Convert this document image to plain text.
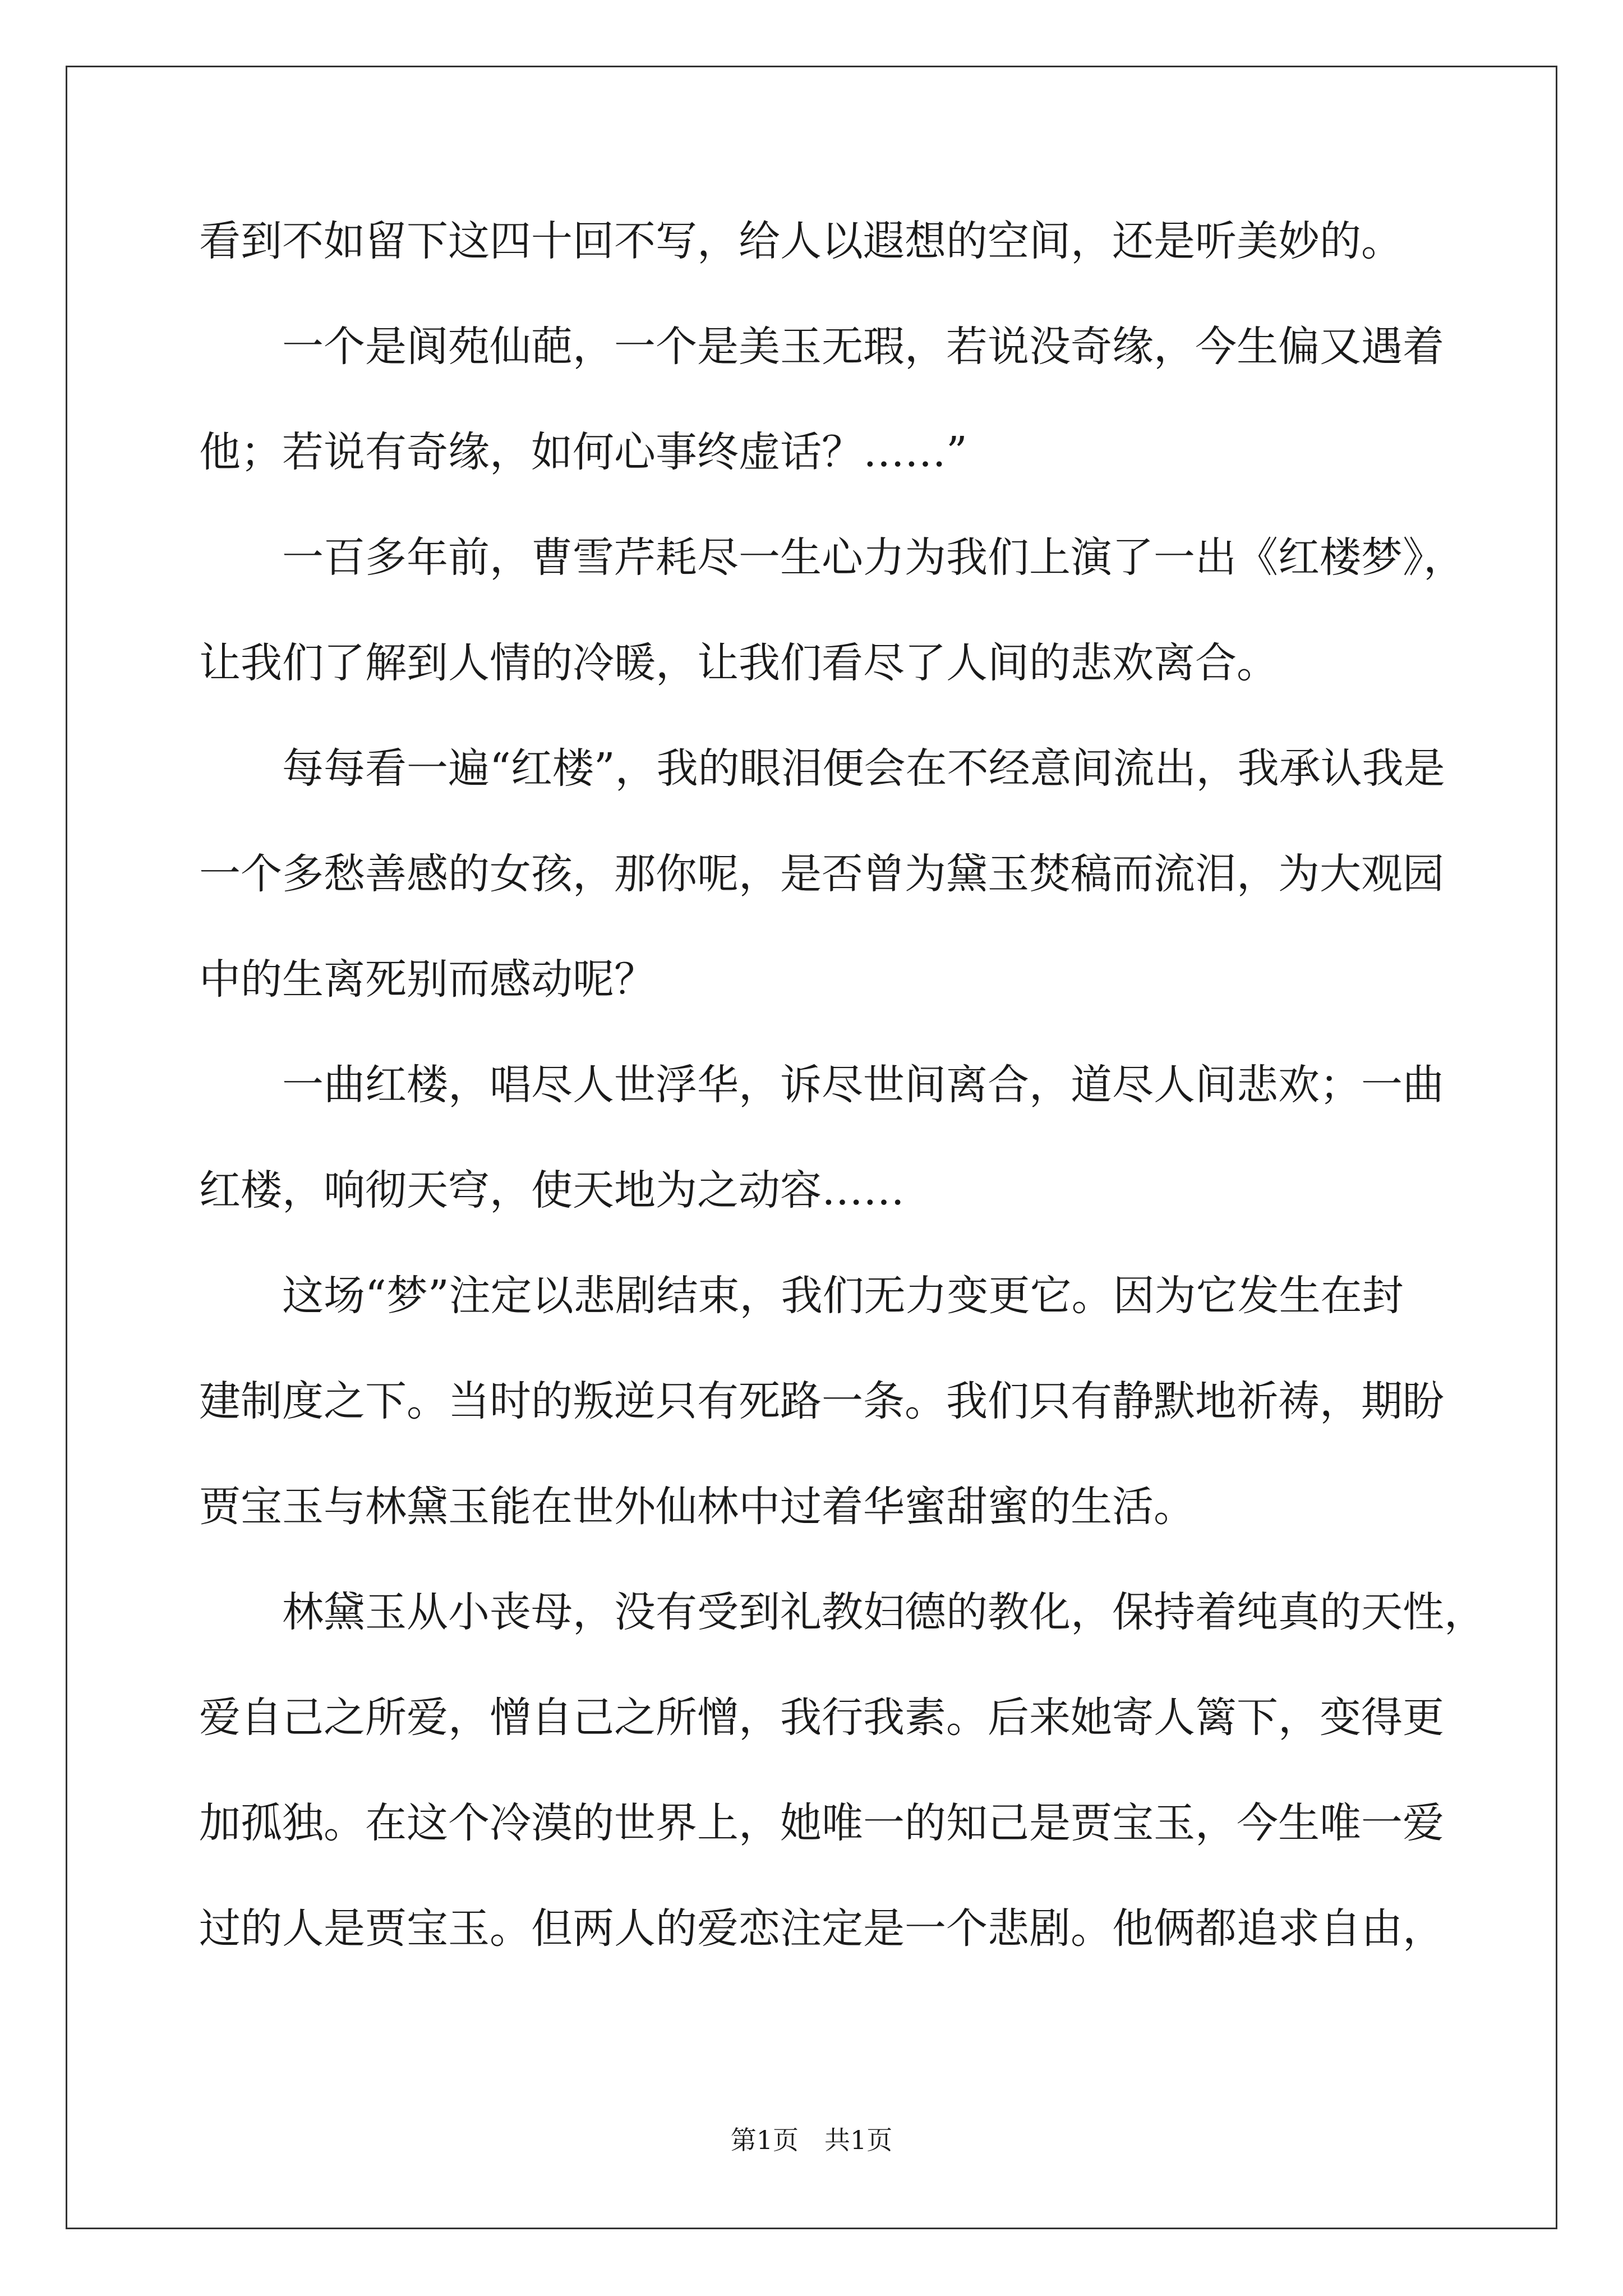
看到不如留下这四十回不写，给人以遐想的空间，还是听美妙的。
一个是阆苑仙葩，一个是美玉无瑕，若说没奇缘，今生偏又遇着
他；若说有奇缘，如何心事终虚话？……”
一百多年前，曹雪芹耗尽一生心力为我们上演了一出《红楼梦》，
让我们了解到人情的冷暖，让我们看尽了人间的悲欢离合。
每每看一遍“红楼”，我的眼泪便会在不经意间流出，我承认我是
一个多愁善感的女孩，那你呢，是否曾为黛玉焚稿而流泪，为大观园
中的生离死别而感动呢？
一曲红楼，唱尽人世浮华，诉尽世间离合，道尽人间悲欢；一曲
红楼，响彻天穹，使天地为之动容……
这场“梦”注定以悲剧结束，我们无力变更它。因为它发生在封
建制度之下。当时的叛逆只有死路一条。我们只有静默地祈祷，期盼
贾宝玉与林黛玉能在世外仙林中过着华蜜甜蜜的生活。
林黛玉从小丧母，没有受到礼教妇德的教化，保持着纯真的天性，
爱自己之所爱，憎自己之所憎，我行我素。后来她寄人篱下，变得更
加孤独。在这个冷漠的世界上，她唯一的知己是贾宝玉，今生唯一爱
过的人是贾宝玉。但两人的爱恋注定是一个悲剧。他俩都追求自由，
第1页　共1页
